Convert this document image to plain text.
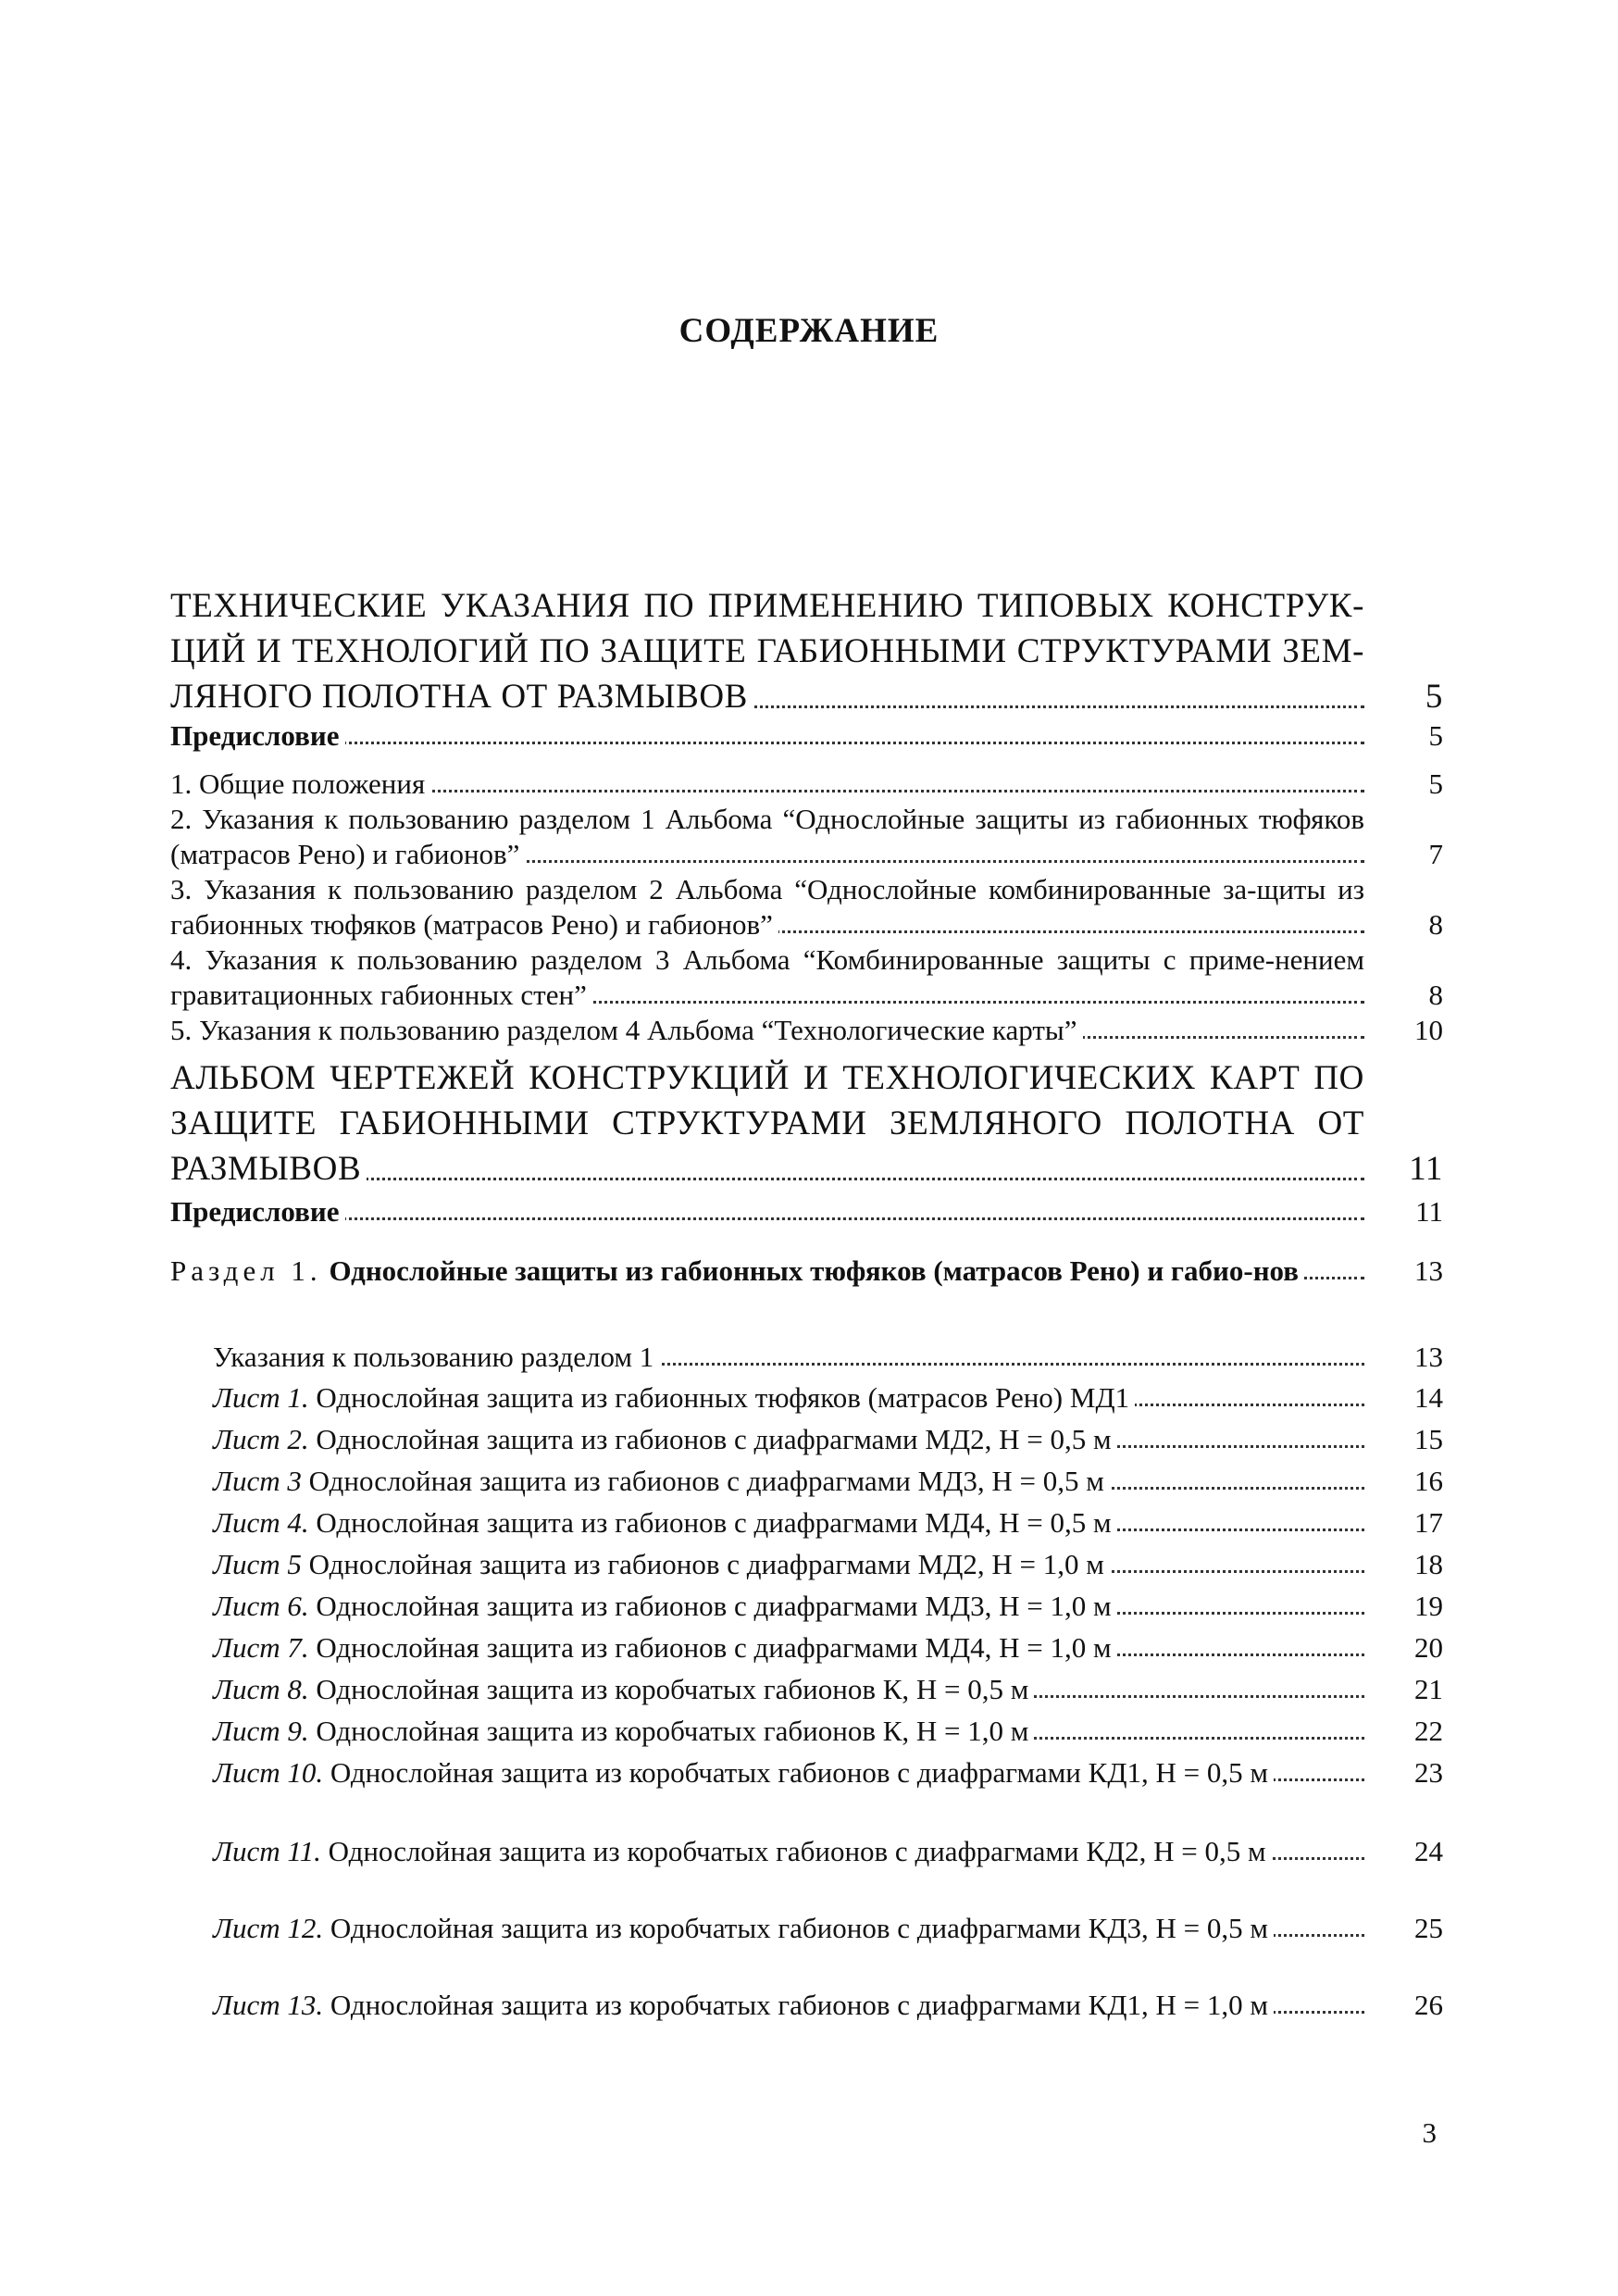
СОДЕРЖАНИЕ
ТЕХНИЧЕСКИЕ УКАЗАНИЯ ПО ПРИМЕНЕНИЮ ТИПОВЫХ КОНСТРУК-ЦИЙ И ТЕХНОЛОГИЙ ПО ЗАЩИТЕ ГАБИОННЫМИ СТРУКТУРАМИ ЗЕМ-ЛЯНОГО ПОЛОТНА ОТ РАЗМЫВОВ	5
Предисловие	5
1. Общие положения	5
2. Указания к пользованию разделом 1 Альбома “Однослойные защиты из габионных тюфяков (матрасов Рено) и габионов”	7
3. Указания к пользованию разделом 2 Альбома “Однослойные комбинированные за-щиты из габионных тюфяков (матрасов Рено) и габионов”	8
4. Указания к пользованию разделом 3 Альбома “Комбинированные защиты с приме-нением гравитационных габионных стен”	8
5. Указания к пользованию разделом 4 Альбома “Технологические карты”	10
АЛЬБОМ ЧЕРТЕЖЕЙ КОНСТРУКЦИЙ И ТЕХНОЛОГИЧЕСКИХ КАРТ ПО ЗАЩИТЕ ГАБИОННЫМИ СТРУКТУРАМИ ЗЕМЛЯНОГО ПОЛОТНА ОТ РАЗМЫВОВ	11
Предисловие	11
Раздел 1. Однослойные защиты из габионных тюфяков (матрасов Рено) и габио-нов	13
Указания к пользованию разделом 1	13
Лист 1. Однослойная защита из габионных тюфяков (матрасов Рено) МД1	14
Лист 2. Однослойная защита из габионов с диафрагмами МД2, Н = 0,5 м	15
Лист 3 Однослойная защита из габионов с диафрагмами МД3, Н = 0,5 м	16
Лист 4. Однослойная защита из габионов с диафрагмами МД4, Н = 0,5 м	17
Лист 5 Однослойная защита из габионов с диафрагмами МД2, Н = 1,0 м	18
Лист 6. Однослойная защита из габионов с диафрагмами МД3, Н = 1,0 м	19
Лист 7. Однослойная защита из габионов с диафрагмами МД4, Н = 1,0 м	20
Лист 8. Однослойная защита из коробчатых габионов К, Н = 0,5 м	21
Лист 9. Однослойная защита из коробчатых габионов К, Н = 1,0 м	22
Лист 10. Однослойная защита из коробчатых габионов с диафрагмами КД1, Н = 0,5 м	23
Лист 11. Однослойная защита из коробчатых габионов с диафрагмами КД2, Н = 0,5 м	24
Лист 12. Однослойная защита из коробчатых габионов с диафрагмами КД3, Н = 0,5 м	25
Лист 13. Однослойная защита из коробчатых габионов с диафрагмами КД1, Н = 1,0 м	26
3
